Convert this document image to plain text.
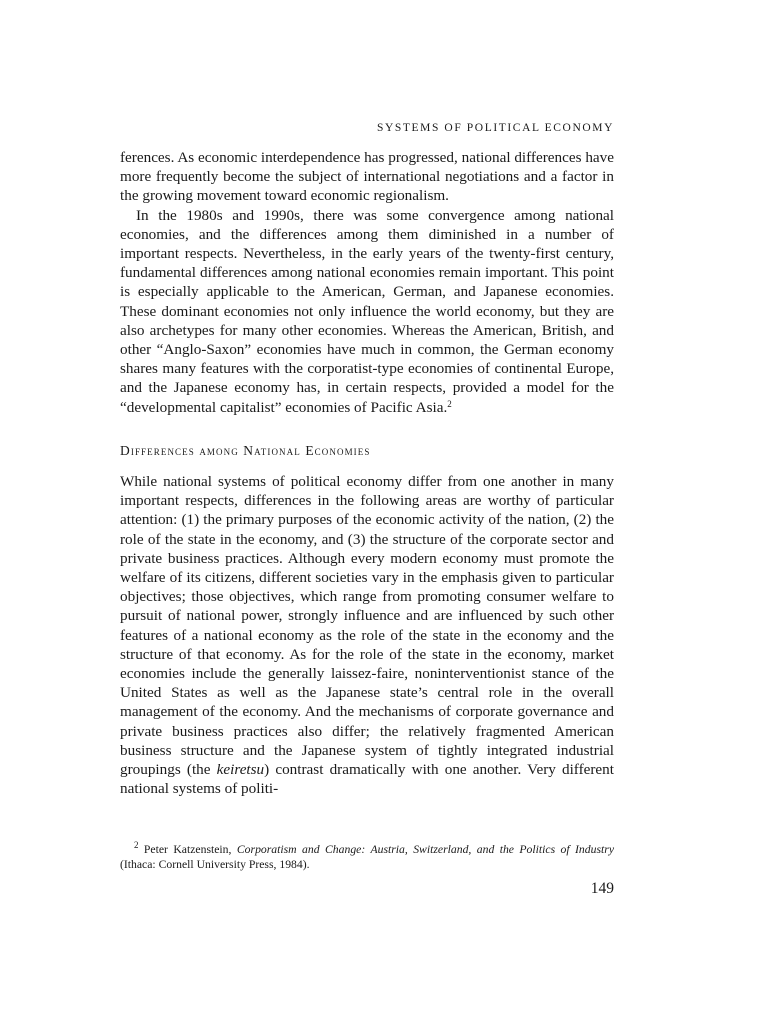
SYSTEMS OF POLITICAL ECONOMY

ferences. As economic interdependence has progressed, national differences have more frequently become the subject of international negotiations and a factor in the growing movement toward economic regionalism.

In the 1980s and 1990s, there was some convergence among national economies, and the differences among them diminished in a number of important respects. Nevertheless, in the early years of the twenty-first century, fundamental differences among national economies remain important. This point is especially applicable to the American, German, and Japanese economies. These dominant economies not only influence the world economy, but they are also archetypes for many other economies. Whereas the American, British, and other “Anglo-Saxon” economies have much in common, the German economy shares many features with the corporatist-type economies of continental Europe, and the Japanese economy has, in certain respects, provided a model for the “developmental capitalist” economies of Pacific Asia.$^2$

Differences among National Economies

While national systems of political economy differ from one another in many important respects, differences in the following areas are worthy of particular attention: (1) the primary purposes of the economic activity of the nation, (2) the role of the state in the economy, and (3) the structure of the corporate sector and private business practices. Although every modern economy must promote the welfare of its citizens, different societies vary in the emphasis given to particular objectives; those objectives, which range from promoting consumer welfare to pursuit of national power, strongly influence and are influenced by such other features of a national economy as the role of the state in the economy and the structure of that economy. As for the role of the state in the economy, market economies include the generally laissez-faire, noninterventionist stance of the United States as well as the Japanese state’s central role in the overall management of the economy. And the mechanisms of corporate governance and private business practices also differ; the relatively fragmented American business structure and the Japanese system of tightly integrated industrial groupings (the keiretsu) contrast dramatically with one another. Very different national systems of politi-

$^2$ Peter Katzenstein, Corporatism and Change: Austria, Switzerland, and the Politics of Industry (Ithaca: Cornell University Press, 1984).
149
